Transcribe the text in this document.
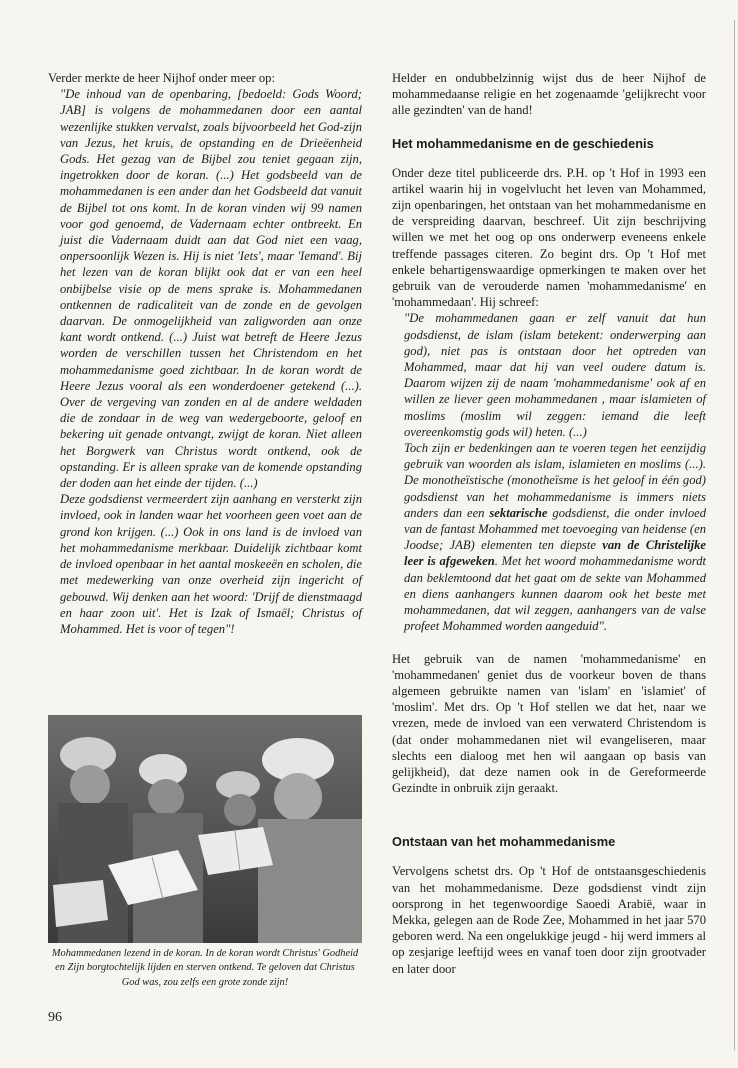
Verder merkte de heer Nijhof onder meer op:

"De inhoud van de openbaring, [bedoeld: Gods Woord; JAB] is volgens de mohammedanen door een aantal wezenlijke stukken vervalst, zoals bijvoorbeeld het God-zijn van Jezus, het kruis, de opstanding en de Drieëenheid Gods. Het gezag van de Bijbel zou teniet gegaan zijn, ingetrokken door de koran. (...) Het godsbeeld van de mohammedanen is een ander dan het Godsbeeld dat vanuit de Bijbel tot ons komt. In de koran vinden wij 99 namen voor god genoemd, de Vadernaam echter ontbreekt. En juist die Vadernaam duidt aan dat God niet een vaag, onpersoonlijk Wezen is. Hij is niet 'Iets', maar 'Iemand'. Bij het lezen van de koran blijkt ook dat er van een heel onbijbelse visie op de mens sprake is. Mohammedanen ontkennen de radicaliteit van de zonde en de gevolgen daarvan. De onmogelijkheid van zaligworden aan onze kant wordt ontkend. (...) Juist wat betreft de Heere Jezus worden de verschillen tussen het Christendom en het mohammedanisme goed zichtbaar. In de koran wordt de Heere Jezus vooral als een wonderdoener getekend (...). Over de vergeving van zonden en al de andere weldaden die de zondaar in de weg van wedergeboorte, geloof en bekering uit genade ontvangt, zwijgt de koran. Niet alleen het Borgwerk van Christus wordt ontkend, ook de opstanding. Er is alleen sprake van de komende opstanding der doden aan het einde der tijden. (...)

Deze godsdienst vermeerdert zijn aanhang en versterkt zijn invloed, ook in landen waar het voorheen geen voet aan de grond kon krijgen. (...) Ook in ons land is de invloed van het mohammedanisme merkbaar. Duidelijk zichtbaar komt de invloed openbaar in het aantal moskeeën en scholen, die met medewerking van onze overheid zijn ingericht of gebouwd. Wij denken aan het woord: 'Drijf de dienstmaagd en haar zoon uit'. Het is Izak of Ismaël; Christus of Mohammed. Het is voor of tegen"!

Mohammedanen lezend in de koran. In de koran wordt Christus' Godheid en Zijn borgtochtelijk lijden en sterven ontkend. Te geloven dat Christus God was, zou zelfs een grote zonde zijn!
96

Helder en ondubbelzinnig wijst dus de heer Nijhof de mohammedaanse religie en het zogenaamde 'gelijkrecht voor alle gezindten' van de hand!

Het mohammedanisme en de geschiedenis

Onder deze titel publiceerde drs. P.H. op 't Hof in 1993 een artikel waarin hij in vogelvlucht het leven van Mohammed, zijn openbaringen, het ontstaan van het mohammedanisme en de verspreiding daarvan, beschreef. Uit zijn beschrijving willen we met het oog op ons onderwerp eveneens enkele treffende passages citeren. Zo begint drs. Op 't Hof met enkele behartigenswaardige opmerkingen te maken over het gebruik van de verouderde namen 'mohammedanisme' en 'mohammedaan'. Hij schreef:

"De mohammedanen gaan er zelf vanuit dat hun godsdienst, de islam (islam betekent: onderwerping aan god), niet pas is ontstaan door het optreden van Mohammed, maar dat hij van veel oudere datum is. Daarom wijzen zij de naam 'mohammedanisme' ook af en willen ze liever geen mohammedanen , maar islamieten of moslims (moslim wil zeggen: iemand die leeft overeenkomstig gods wil) heten. (...)

Toch zijn er bedenkingen aan te voeren tegen het eenzijdig gebruik van woorden als islam, islamieten en moslims (...). De monotheïstische (monotheïsme is het geloof in één god) godsdienst van het mohammedanisme is immers niets anders dan een sektarische godsdienst, die onder invloed van de fantast Mohammed met toevoeging van heidense (en Joodse; JAB) elementen ten diepste van de Christelijke leer is afgeweken. Met het woord mohammedanisme wordt dan beklemtoond dat het gaat om de sekte van Mohammed en diens aanhangers kunnen daarom ook het beste met mohammedanen, dat wil zeggen, aanhangers van de valse profeet Mohammed worden aangeduid".

Het gebruik van de namen 'mohammedanisme' en 'mohammedanen' geniet dus de voorkeur boven de thans algemeen gebruikte namen van 'islam' en 'islamiet' of 'moslim'. Met drs. Op 't Hof stellen we dat het, naar we vrezen, mede de invloed van een verwaterd Christendom is (dat onder mohammedanen niet wil evangeliseren, maar slechts een dialoog met hen wil aangaan op basis van gelijkheid), dat deze namen ook in de Gereformeerde Gezindte in onbruik zijn geraakt.

Ontstaan van het mohammedanisme

Vervolgens schetst drs. Op 't Hof de ontstaansgeschiedenis van het mohammedanisme. Deze godsdienst vindt zijn oorsprong in het tegenwoordige Saoedi Arabië, waar in Mekka, gelegen aan de Rode Zee, Mohammed in het jaar 570 geboren werd. Na een ongelukkige jeugd - hij werd immers al op zesjarige leeftijd wees en vanaf toen door zijn grootvader en later door
